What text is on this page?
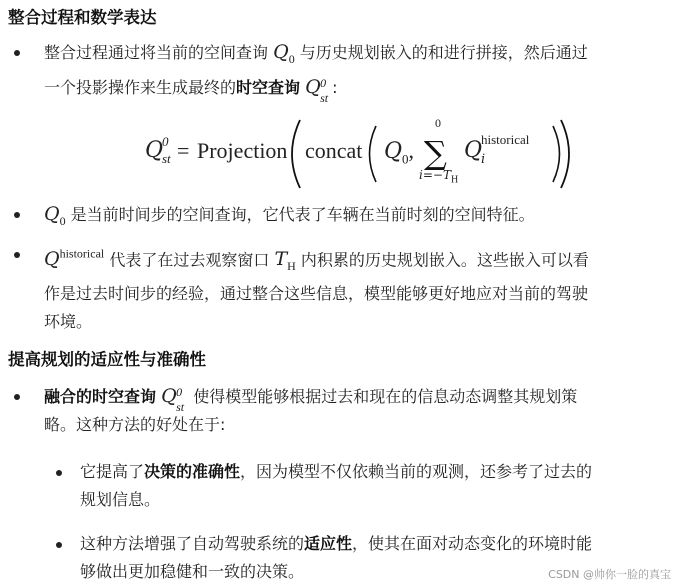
整合过程和数学表达
整合过程通过将当前的空间查询 $Q_0$ 与历史规划嵌入的和进行拼接，然后通过
一个投影操作来生成最终的时空查询 Q 0
st
:
Q
0
st = Projection	∑
concat $Q_0$,
0
$i=-T_H$
Q
historical
i
$Q_0$ 是当前时间步的空间查询，它代表了车辆在当前时刻的空间特征。
$Q^{historical}$ 代表了在过去观察窗口 $T_H$ 内积累的历史规划嵌入。这些嵌入可以看
作是过去时间步的经验，通过整合这些信息，模型能够更好地应对当前的驾驶
环境。
提高规划的适应性与准确性
融合的时空查询 Q 0
st
使得模型能够根据过去和现在的信息动态调整其规划策
略。这种方法的好处在于:
它提高了决策的准确性，因为模型不仅依赖当前的观测，还参考了过去的
规划信息。
这种方法增强了自动驾驶系统的适应性，使其在面对动态变化的环境时能
够做出更加稳健和一致的决策。	CSDN @帅你一脸的真宝
